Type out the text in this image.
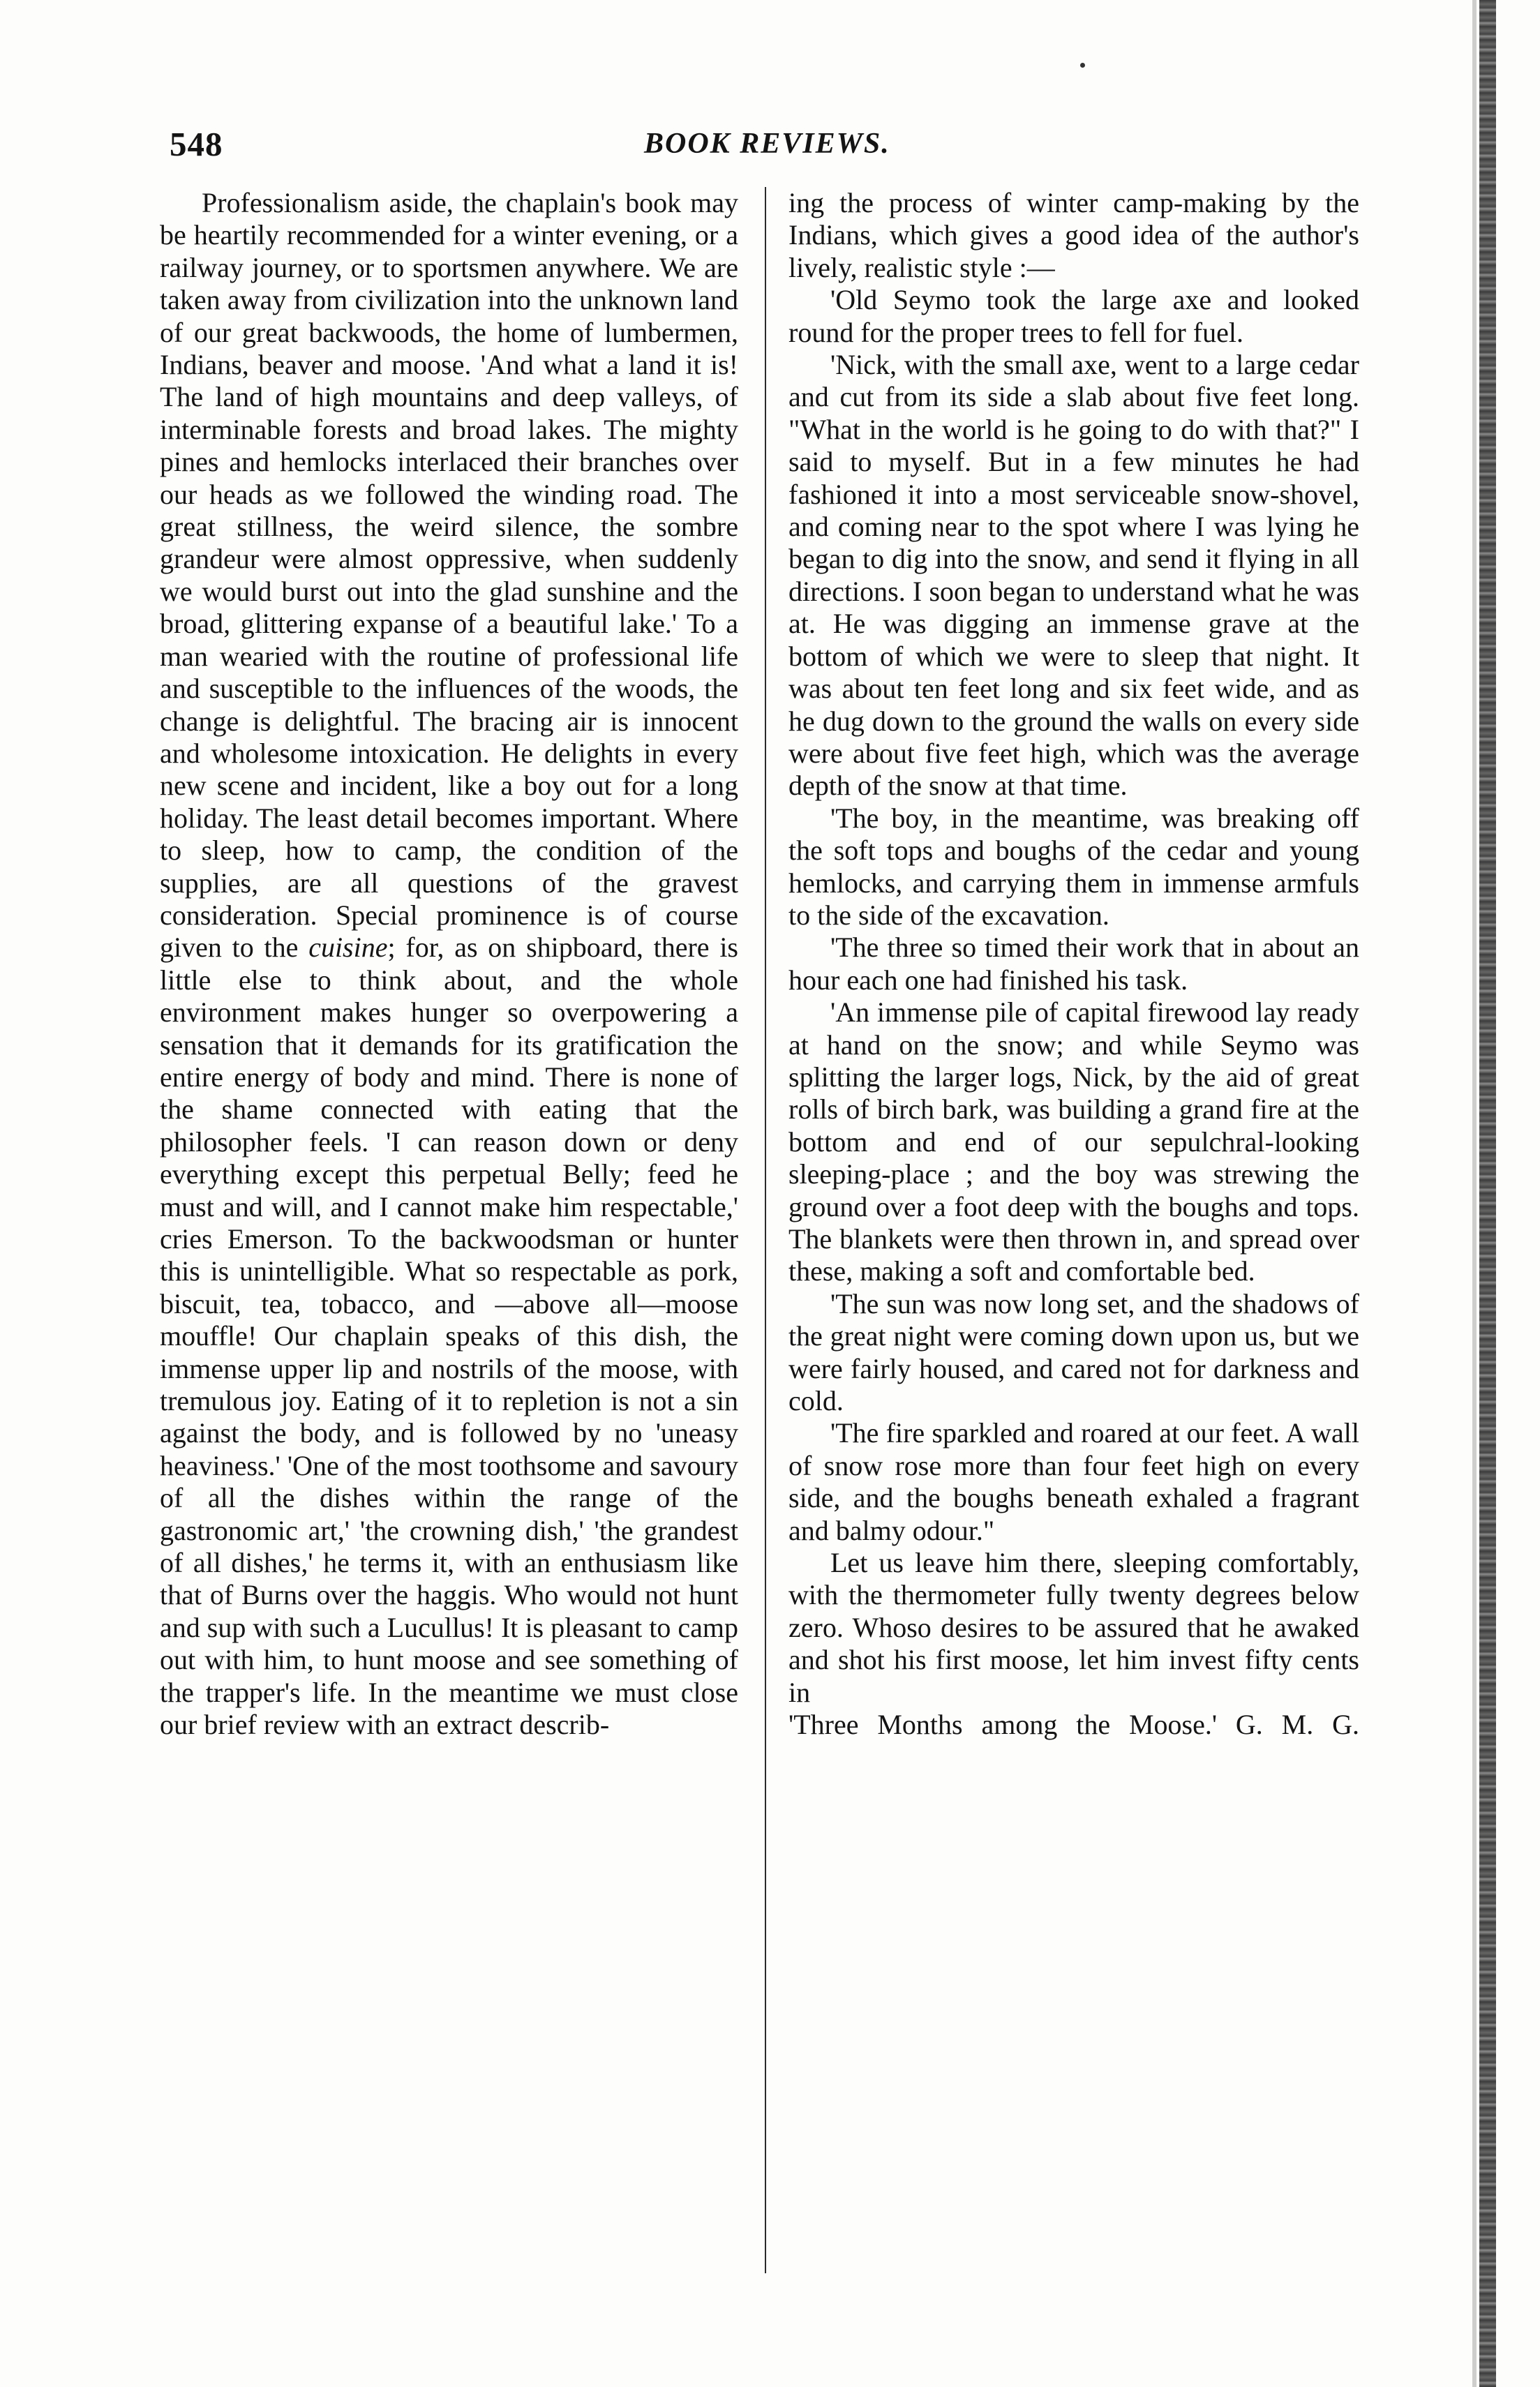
548	BOOK REVIEWS.

Professionalism aside, the chaplain's book may be heartily recommended for a winter evening, or a railway journey, or to sportsmen anywhere. We are taken away from civilization into the unknown land of our great backwoods, the home of lumbermen, Indians, beaver and moose. 'And what a land it is! The land of high mountains and deep valleys, of interminable forests and broad lakes. The mighty pines and hemlocks interlaced their branches over our heads as we followed the winding road. The great stillness, the weird silence, the sombre grandeur were almost oppressive, when suddenly we would burst out into the glad sunshine and the broad, glittering expanse of a beautiful lake.' To a man wearied with the routine of professional life and susceptible to the influences of the woods, the change is delightful. The bracing air is innocent and wholesome intoxication. He delights in every new scene and incident, like a boy out for a long holiday. The least detail becomes important. Where to sleep, how to camp, the condition of the supplies, are all questions of the gravest consideration. Special prominence is of course given to the cuisine; for, as on shipboard, there is little else to think about, and the whole environment makes hunger so overpowering a sensation that it demands for its gratification the entire energy of body and mind. There is none of the shame connected with eating that the philosopher feels. 'I can reason down or deny everything except this perpetual Belly; feed he must and will, and I cannot make him respectable,' cries Emerson. To the backwoodsman or hunter this is unintelligible. What so respectable as pork, biscuit, tea, tobacco, and —above all—moose mouffle! Our chaplain speaks of this dish, the immense upper lip and nostrils of the moose, with tremulous joy. Eating of it to repletion is not a sin against the body, and is followed by no 'uneasy heaviness.' 'One of the most toothsome and savoury of all the dishes within the range of the gastronomic art,' 'the crowning dish,' 'the grandest of all dishes,' he terms it, with an enthusiasm like that of Burns over the haggis. Who would not hunt and sup with such a Lucullus! It is pleasant to camp out with him, to hunt moose and see something of the trapper's life. In the meantime we must close our brief review with an extract describ-

ing the process of winter camp-making by the Indians, which gives a good idea of the author's lively, realistic style :—

'Old Seymo took the large axe and looked round for the proper trees to fell for fuel.

'Nick, with the small axe, went to a large cedar and cut from its side a slab about five feet long. "What in the world is he going to do with that?" I said to myself. But in a few minutes he had fashioned it into a most serviceable snow-shovel, and coming near to the spot where I was lying he began to dig into the snow, and send it flying in all directions. I soon began to understand what he was at. He was digging an immense grave at the bottom of which we were to sleep that night. It was about ten feet long and six feet wide, and as he dug down to the ground the walls on every side were about five feet high, which was the average depth of the snow at that time.

'The boy, in the meantime, was breaking off the soft tops and boughs of the cedar and young hemlocks, and carrying them in immense armfuls to the side of the excavation.

'The three so timed their work that in about an hour each one had finished his task.

'An immense pile of capital firewood lay ready at hand on the snow; and while Seymo was splitting the larger logs, Nick, by the aid of great rolls of birch bark, was building a grand fire at the bottom and end of our sepulchral-looking sleeping-place ; and the boy was strewing the ground over a foot deep with the boughs and tops. The blankets were then thrown in, and spread over these, making a soft and comfortable bed.

'The sun was now long set, and the shadows of the great night were coming down upon us, but we were fairly housed, and cared not for darkness and cold.

'The fire sparkled and roared at our feet. A wall of snow rose more than four feet high on every side, and the boughs beneath exhaled a fragrant and balmy odour."

Let us leave him there, sleeping comfortably, with the thermometer fully twenty degrees below zero. Whoso desires to be assured that he awaked and shot his first moose, let him invest fifty cents in

'Three Months among the Moose.' G. M. G.
